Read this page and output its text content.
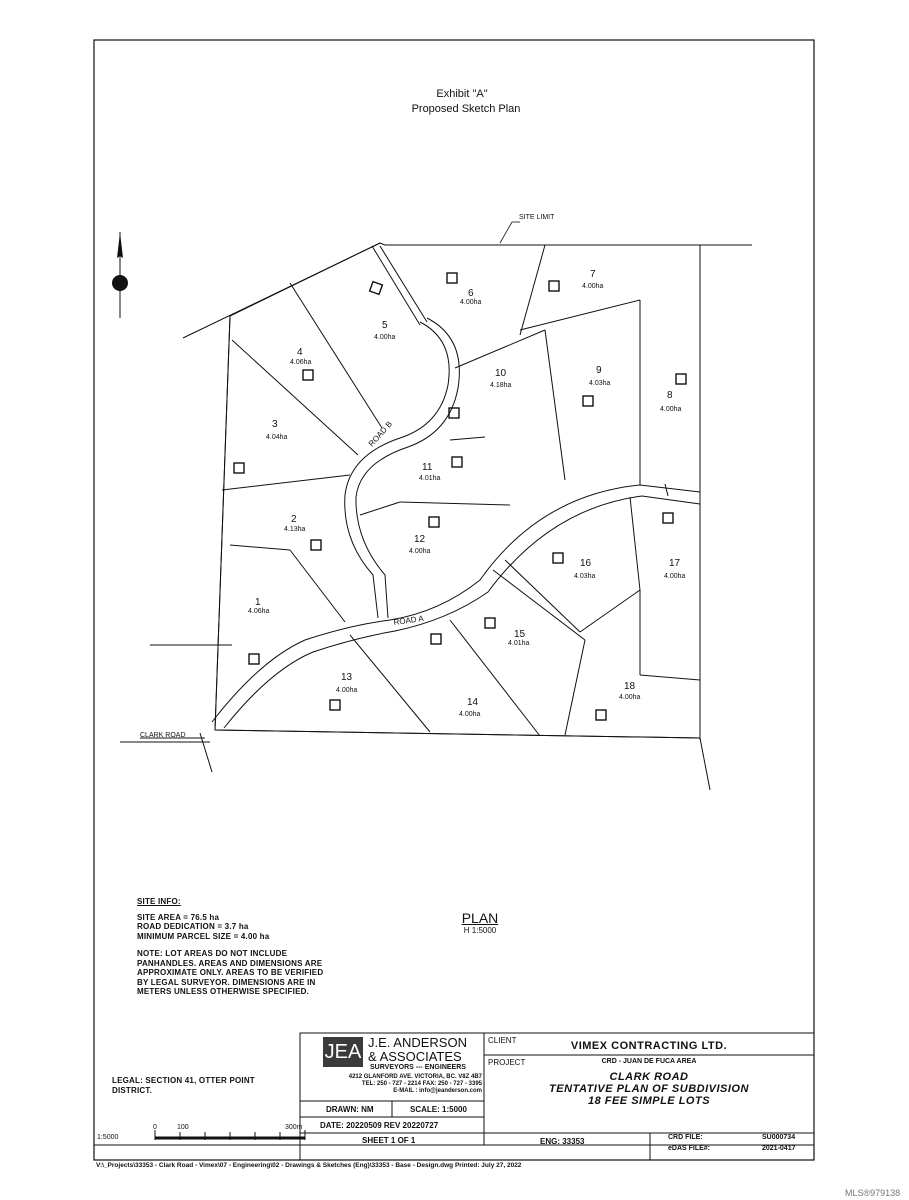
Exhibit "A"
Proposed Sketch Plan
N
SITE LIMIT
1
4.06ha
2
4.13ha
3
4.04ha
4
4.06ha
5
4.00ha
6
4.00ha
7
4.00ha
8
4.00ha
9
4.03ha
10
4.18ha
11
4.01ha
12
4.00ha
13
4.00ha
14
4.00ha
15
4.01ha
16
4.03ha
17
4.00ha
18
4.00ha
ROAD B
ROAD A
CLARK ROAD
1:5000
0	100	300m
SITE INFO:
SITE AREA = 76.5 ha
ROAD DEDICATION = 3.7 ha
MINIMUM PARCEL SIZE = 4.00 ha
NOTE: LOT AREAS DO NOT INCLUDE
PANHANDLES. AREAS AND DIMENSIONS ARE
APPROXIMATE ONLY. AREAS TO BE VERIFIED
BY LEGAL SURVEYOR. DIMENSIONS ARE IN
METERS UNLESS OTHERWISE SPECIFIED.
PLAN
H 1:5000
LEGAL: SECTION 41, OTTER POINT
DISTRICT.
JEA J.E. ANDERSON
& ASSOCIATES
SURVEYORS --- ENGINEERS
4212 GLANFORD AVE. VICTORIA, BC. V8Z 4B7
TEL: 250 - 727 - 2214 FAX: 250 - 727 - 3395
E-MAIL : info@jeanderson.com
DRAWN: NM	SCALE: 1:5000
DATE: 20220509 REV 20220727
SHEET 1 OF 1
CLIENT
PROJECT
VIMEX CONTRACTING LTD.
CRD - JUAN DE FUCA AREA
CLARK ROAD
TENTATIVE PLAN OF SUBDIVISION
18 FEE SIMPLE LOTS
ENG: 33353	CRD FILE:	SU000734
eDAS FILE#:	2021-0417
V:\_Projects\33353 - Clark Road - Vimex\07 - Engineering\02 - Drawings & Sketches (Eng)\33353 - Base - Design.dwg Printed: July 27, 2022
MLS®979138
